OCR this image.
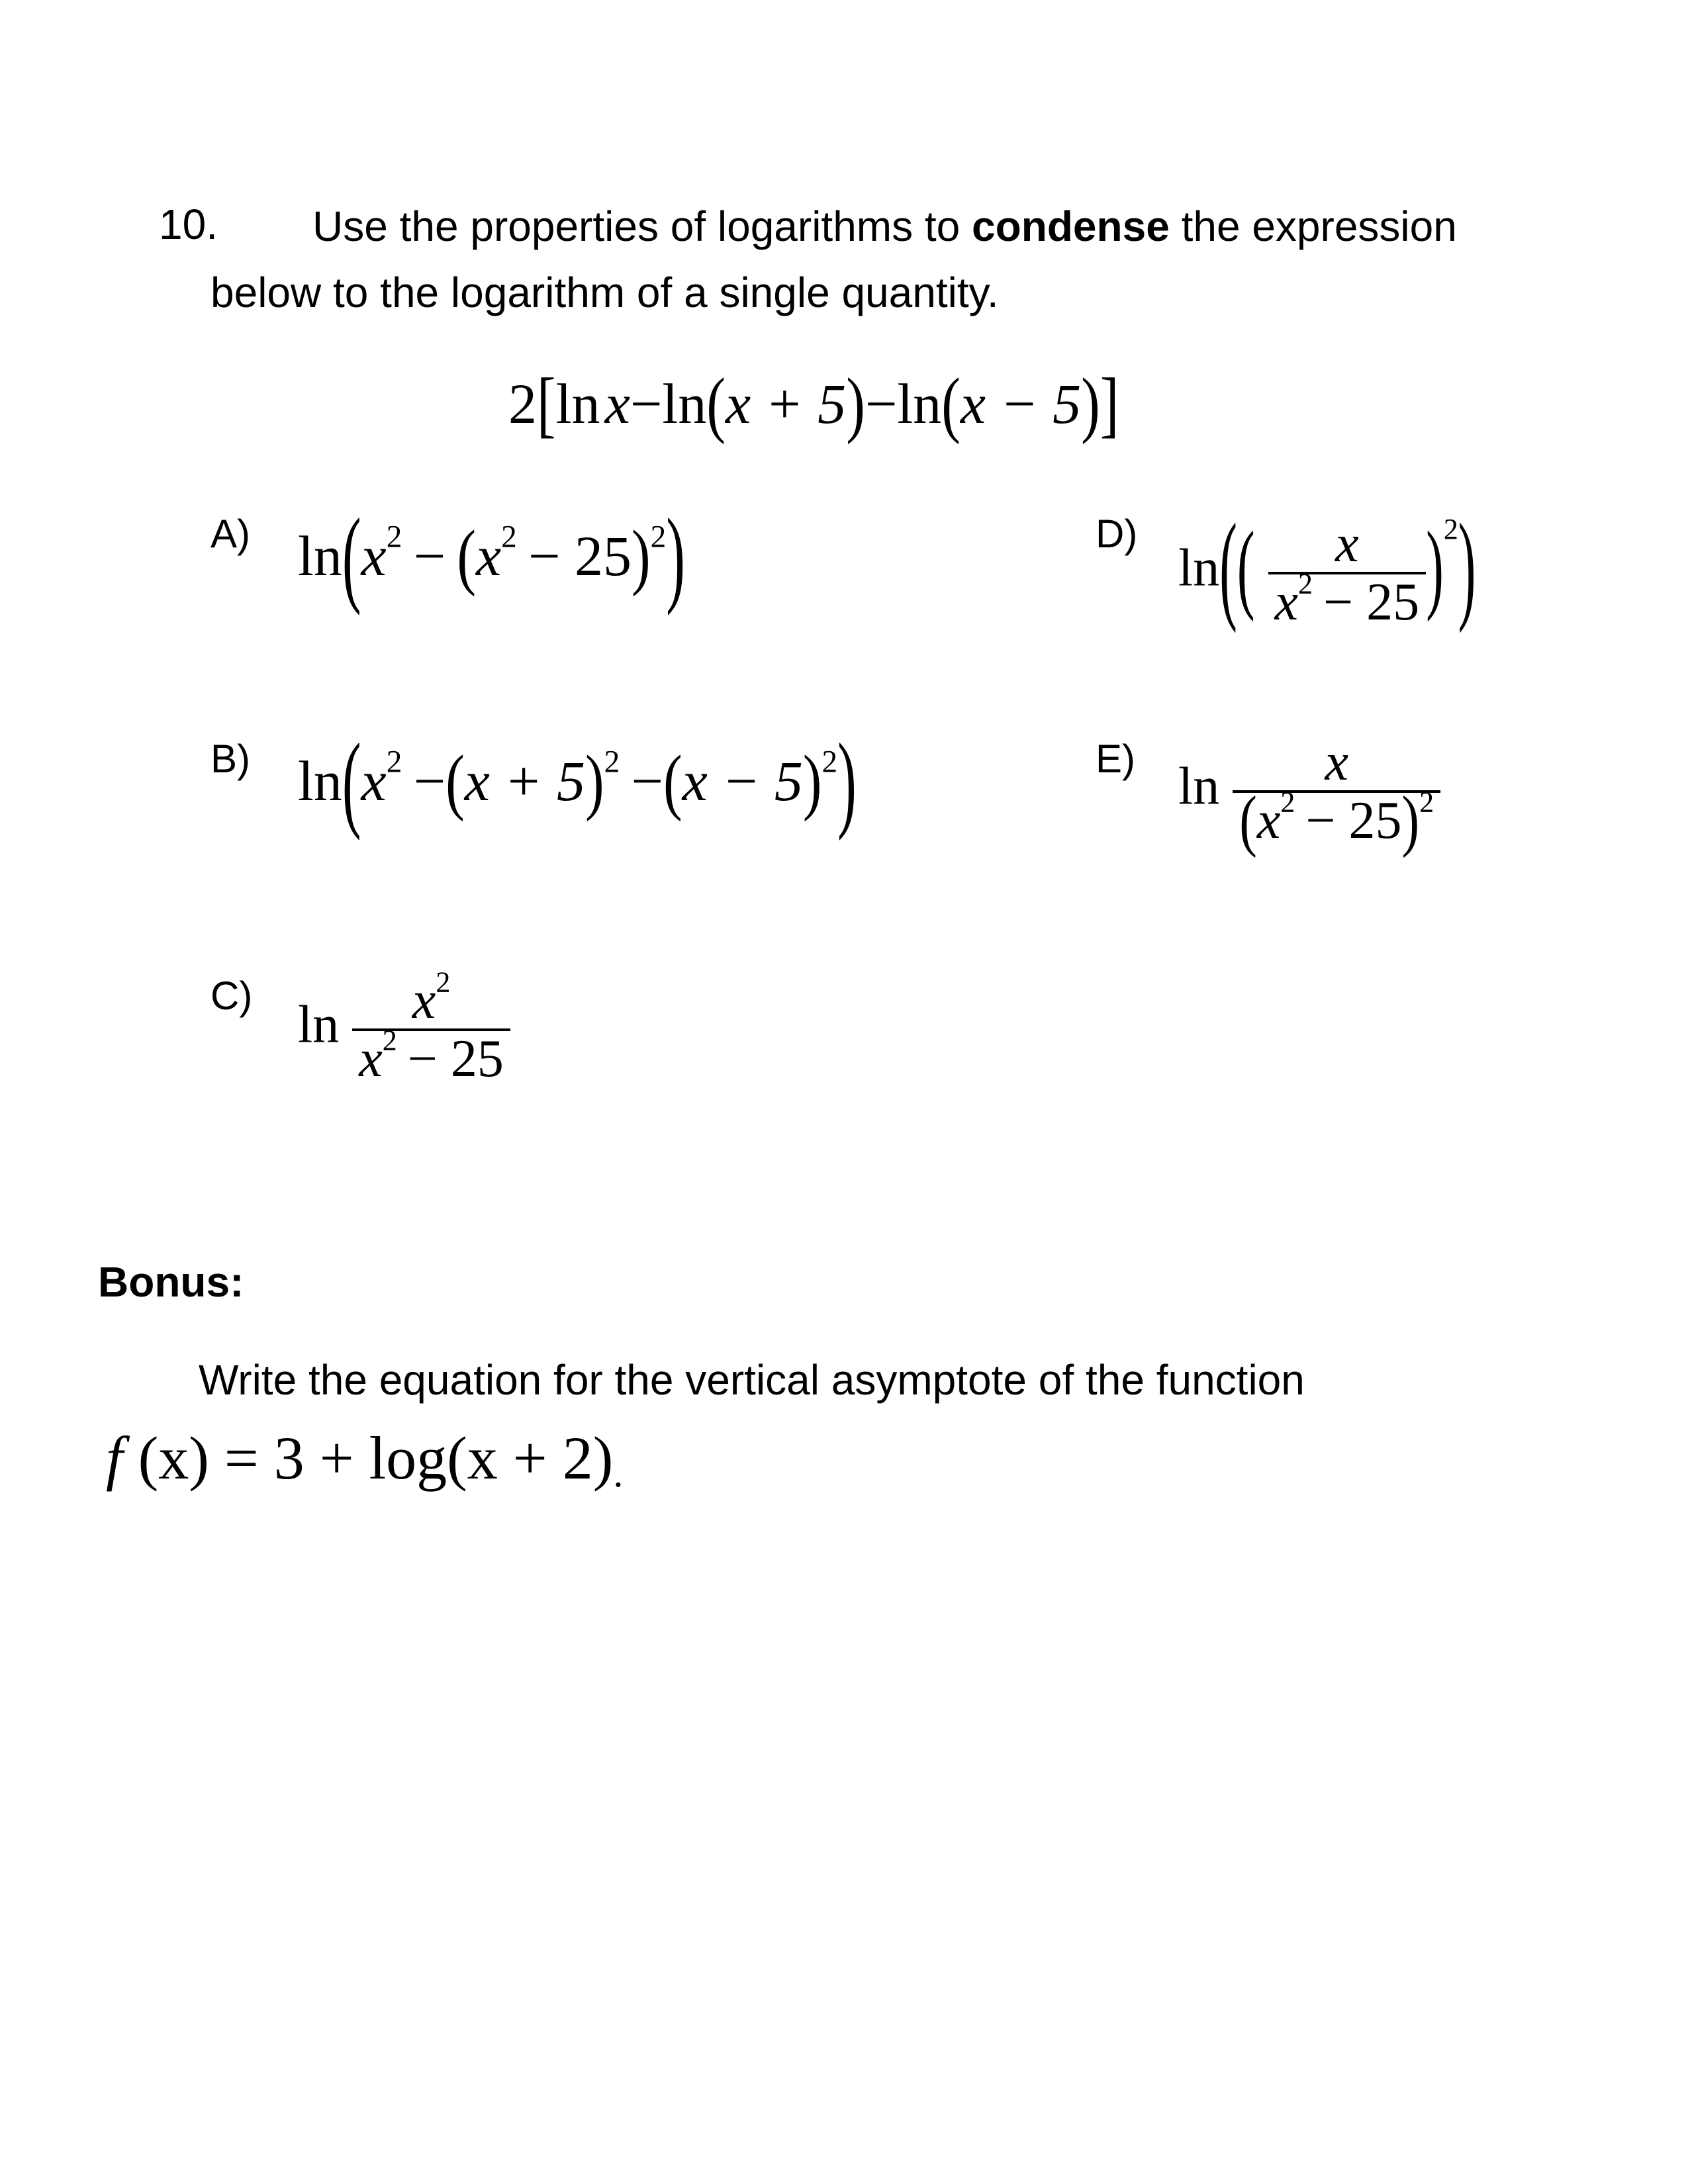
10. Use the properties of logarithms to condense the expression
below to the logarithm of a single quantity.
2[ln x−ln(x + 5)−ln(x − 5)]
A) $\ln(x^2 - (x^2 - 25)^2)$
B) $\ln(x^2 -(x + 5)^2 -(x - 5)^2)$
C) $\ln \frac{x^2}{x^2 - 25}$
D)
$\ln(( \frac{x}{x^2 - 25} )^2)$
E) $\ln \frac{x}{(x^2 - 25)^2}$
Bonus:
Write the equation for the vertical asymptote of the function
f (x) = 3 + log(x + 2).
